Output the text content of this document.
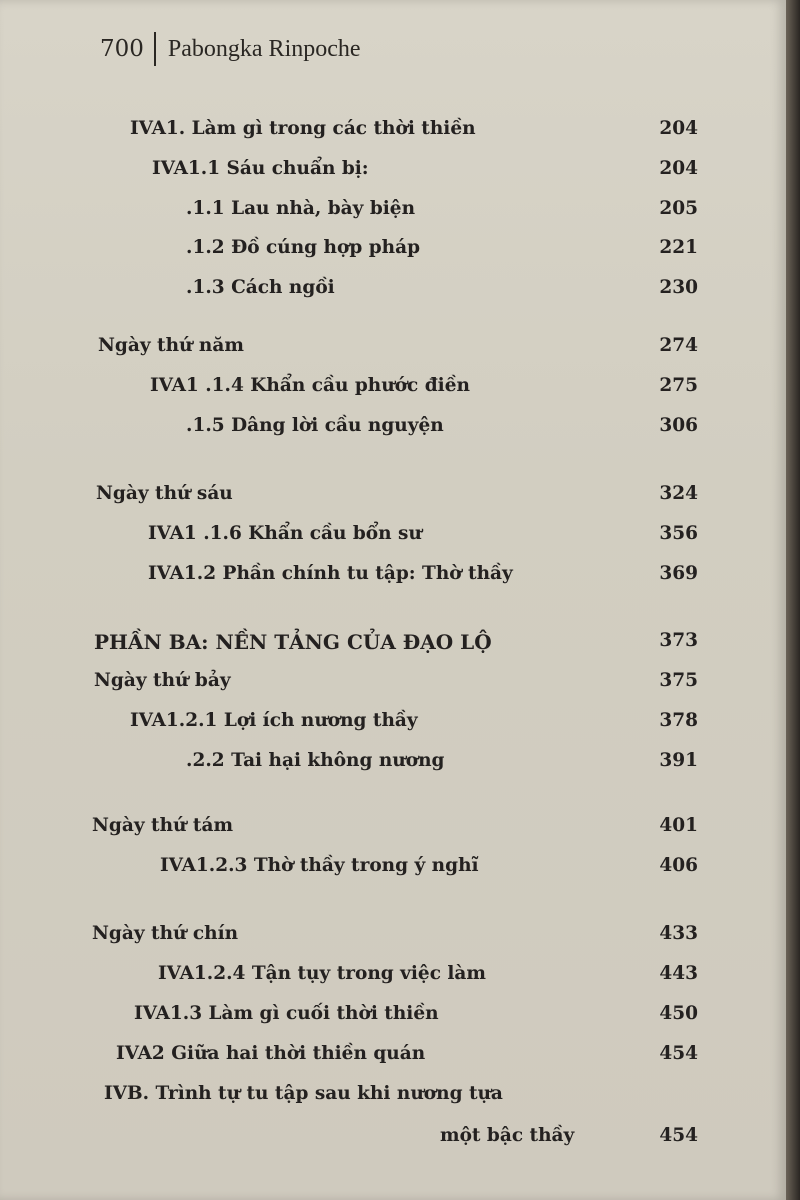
700 Pabongka Rinpoche
IVA1. Làm gì trong các thời thiền	204
IVA1.1 Sáu chuẩn bị:	204
.1.1 Lau nhà, bày biện	205
.1.2 Đồ cúng hợp pháp	221
.1.3 Cách ngồi	230
Ngày thứ năm	274
IVA1 .1.4 Khẩn cầu phước điền	275
.1.5 Dâng lời cầu nguyện	306
Ngày thứ sáu	324
IVA1 .1.6 Khẩn cầu bổn sư	356
IVA1.2 Phần chính tu tập: Thờ thầy	369
PHẦN BA: NỀN TẢNG CỦA ĐẠO LỘ	373
Ngày thứ bảy	375
IVA1.2.1 Lợi ích nương thầy	378
.2.2 Tai hại không nương	391
Ngày thứ tám	401
IVA1.2.3 Thờ thầy trong ý nghĩ	406
Ngày thứ chín	433
IVA1.2.4 Tận tụy trong việc làm	443
IVA1.3 Làm gì cuối thời thiền	450
IVA2 Giữa hai thời thiền quán	454
IVB. Trình tự tu tập sau khi nương tựa
một bậc thầy	454
